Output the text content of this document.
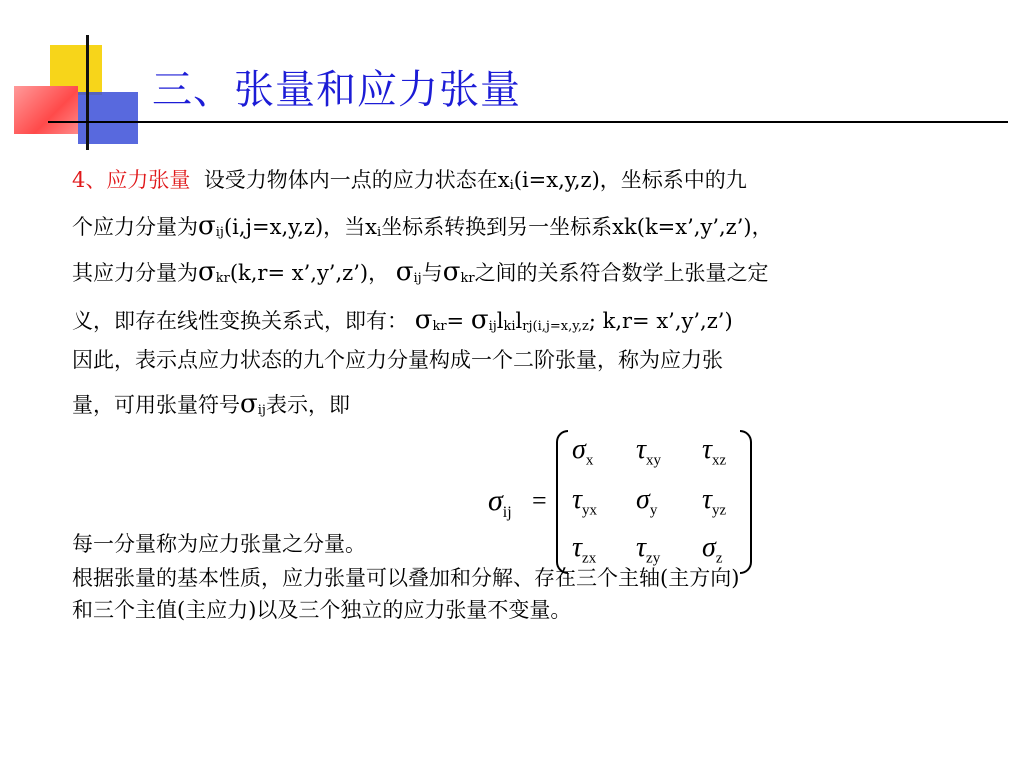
三、张量和应力张量
4、应力张量 设受力物体内一点的应力状态在$x_i(i=x,y,z)$，坐标系中的九
个应力分量为$\sigma_{ij}(i,j=x,y,z)$，当$x_i$坐标系转换到另一坐标系xk(k=x’,y’,z’)，
其应力分量为$\sigma_{kr}(k,r=$ x’,y’,z’)， $\sigma_{ij}$与$\sigma_{kr}$之间的关系符合数学上张量之定
义，即存在线性变换关系式，即有： $\sigma_{kr}= \sigma_{ij}l_{ki}l_{rj(i,j=x,y,z}$; k,r= x’,y’,z’)
因此，表示点应力状态的九个应力分量构成一个二阶张量，称为应力张
量，可用张量符号$\sigma_{ij}$表示，即
$\sigma_{ij}$ =
$\sigma_x$ $\tau_{xy}$ $\tau_{xz}$
$\tau_{yx}$ $\sigma_y$ $\tau_{yz}$
$\tau_{zx}$ $\tau_{zy}$ $\sigma_z$
每一分量称为应力张量之分量。
根据张量的基本性质，应力张量可以叠加和分解、存在三个主轴(主方向)
和三个主值(主应力)以及三个独立的应力张量不变量。
